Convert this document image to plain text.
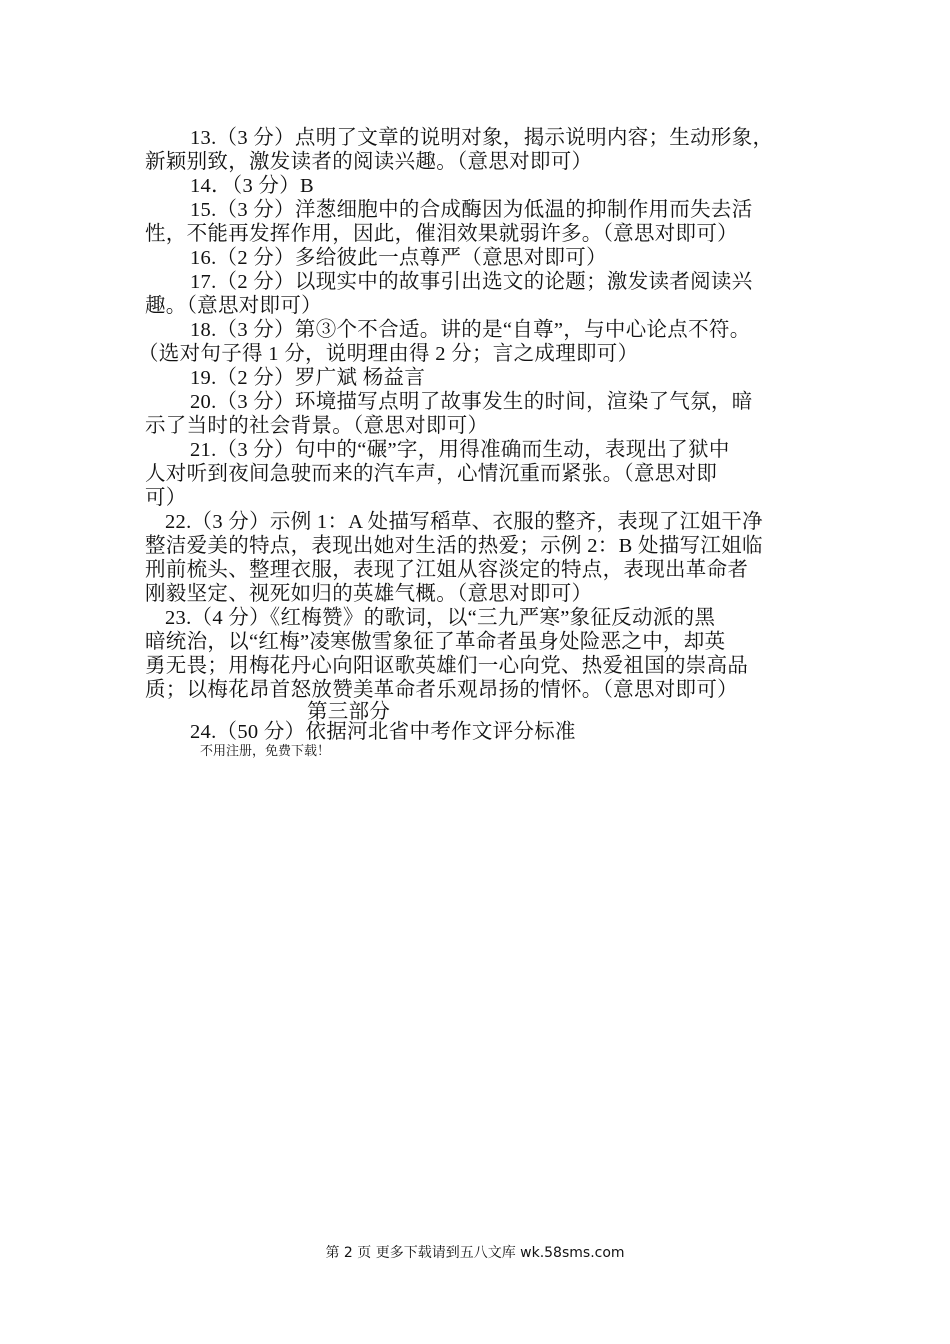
13.（3 分）点明了文章的说明对象，揭示说明内容；生动形象，
新颖别致，激发读者的阅读兴趣。（意思对即可）
14．（3 分）B
15.（3 分）洋葱细胞中的合成酶因为低温的抑制作用而失去活
性，不能再发挥作用，因此，催泪效果就弱许多。（意思对即可）
16.（2 分）多给彼此一点尊严（意思对即可）
17.（2 分）以现实中的故事引出选文的论题；激发读者阅读兴
趣。（意思对即可）
18.（3 分）第③个不合适。讲的是“自尊”，与中心论点不符。
（选对句子得 1 分，说明理由得 2 分；言之成理即可）
19.（2 分）罗广斌 杨益言
20.（3 分）环境描写点明了故事发生的时间，渲染了气氛，暗
示了当时的社会背景。（意思对即可）
21.（3 分）句中的“碾”字，用得准确而生动，表现出了狱中
人对听到夜间急驶而来的汽车声，心情沉重而紧张。（意思对即
可）
22.（3 分）示例 1：A 处描写稻草、衣服的整齐，表现了江姐干净
整洁爱美的特点，表现出她对生活的热爱；示例 2：B 处描写江姐临
刑前梳头、整理衣服，表现了江姐从容淡定的特点，表现出革命者
刚毅坚定、视死如归的英雄气概。（意思对即可）
23.（4 分）《红梅赞》的歌词，以“三九严寒”象征反动派的黑
暗统治，以“红梅”凌寒傲雪象征了革命者虽身处险恶之中，却英
勇无畏；用梅花丹心向阳讴歌英雄们一心向党、热爱祖国的崇高品
质；以梅花昂首怒放赞美革命者乐观昂扬的情怀。（意思对即可）
第三部分
24.（50 分）依据河北省中考作文评分标准
不用注册，免费下载！
第 2 页 更多下载请到五八文库 wk.58sms.com
